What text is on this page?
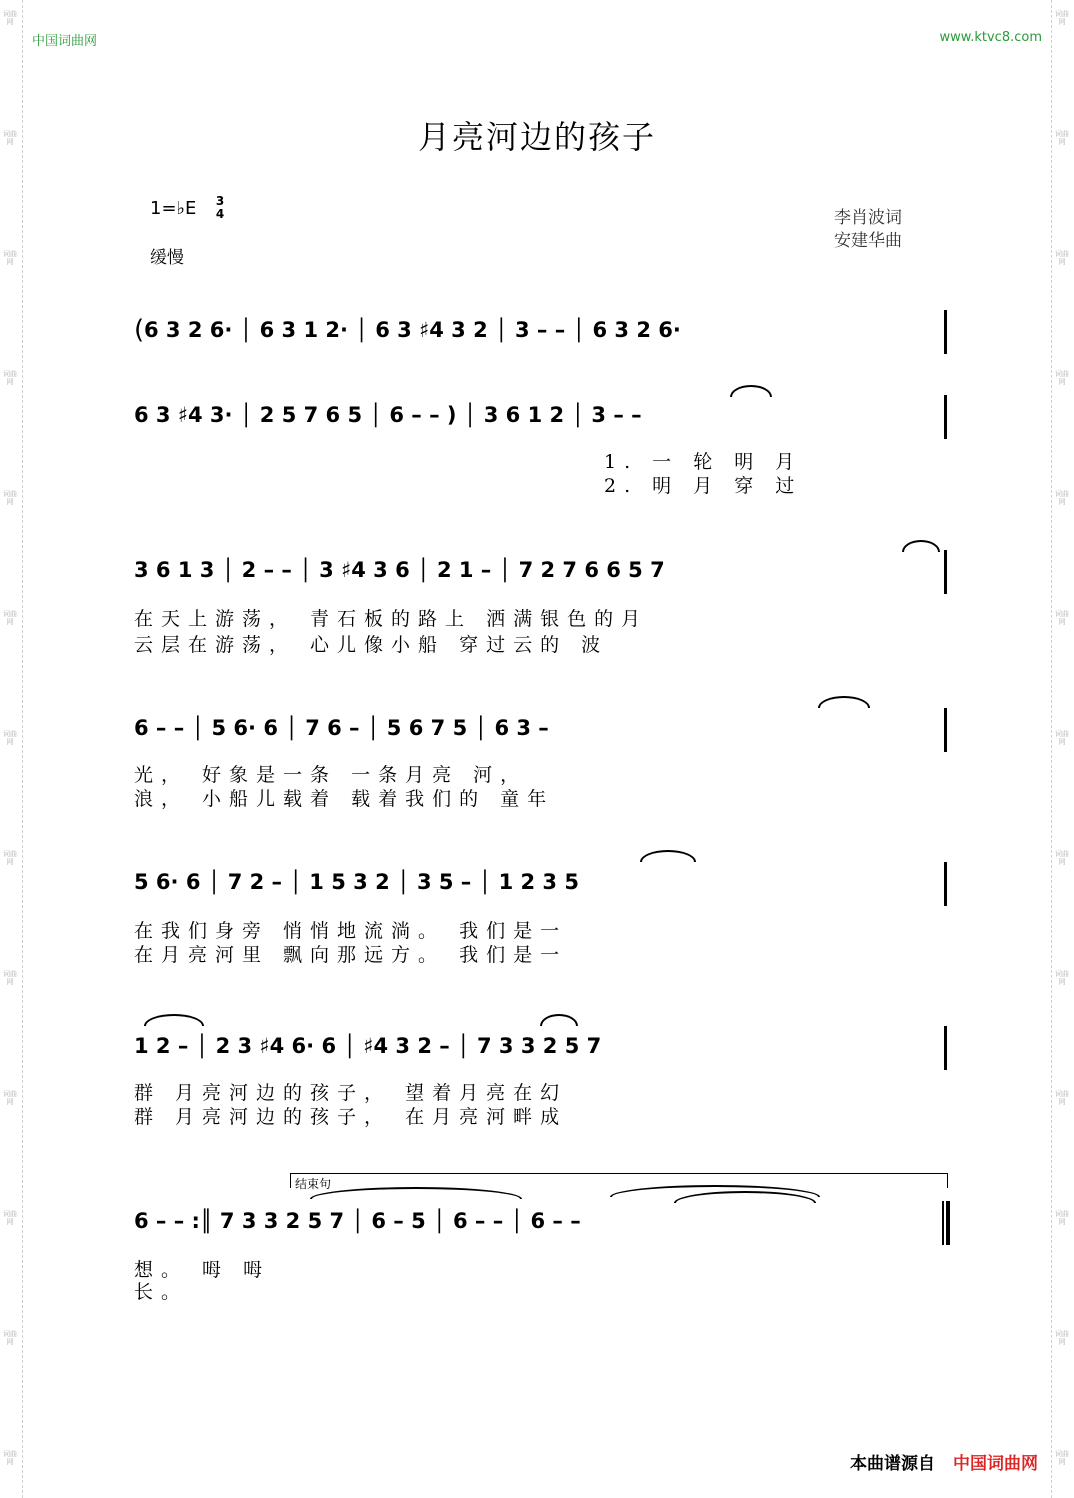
词曲网
词曲网
词曲网
词曲网
词曲网
词曲网
词曲网
词曲网
词曲网
词曲网
词曲网
词曲网
词曲网
词曲网
词曲网
词曲网
词曲网
词曲网
词曲网
词曲网
词曲网
词曲网
词曲网
词曲网
词曲网
词曲网
中国词曲网	www.ktvc8.com
月亮河边的孩子
1=♭E 3
4
缓慢
李肖波词
安建华曲
( 6 3 2 6· │ 6 3 1 2· │ 6 3 ♯4 3 2 │ 3 – – │ 6 3 2 6·
6 3 ♯4 3· │ 2 5 7 6 5 │ 6 – – ) │ 3 6 1 2 │ 3 – –
1. 一 轮 明 月
2. 明 月 穿 过
3 6 1 3 │ 2 – – │ 3 ♯4 3 6 │ 2 1 – │ 7 2 7 6 6 5 7
在天上游荡， 青石板的路上 洒满银色的月
云层在游荡， 心儿像小船 穿过云的 波
6 – – │ 5 6· 6 │ 7 6 – │ 5 6 7 5 │ 6 3 –
光， 好象是一条 一条月亮 河，
浪， 小船儿载着 载着我们的 童年
5 6· 6 │ 7 2 – │ 1 5 3 2 │ 3 5 – │ 1 2 3 5
在我们身旁 悄悄地流淌。 我们是一
在月亮河里 飘向那远方。 我们是一
1 2 – │ 2 3 ♯4 6· 6 │ ♯4 3 2 – │ 7 3 3 2 5 7
群 月亮河边的孩子， 望着月亮在幻
群 月亮河边的孩子， 在月亮河畔成
结束句
6 – – :║ 7 3 3 2 5 7 │ 6 – 5 │ 6 – – │ 6 – –
想。 呣 呣
长。
本曲谱源自 中国词曲网
